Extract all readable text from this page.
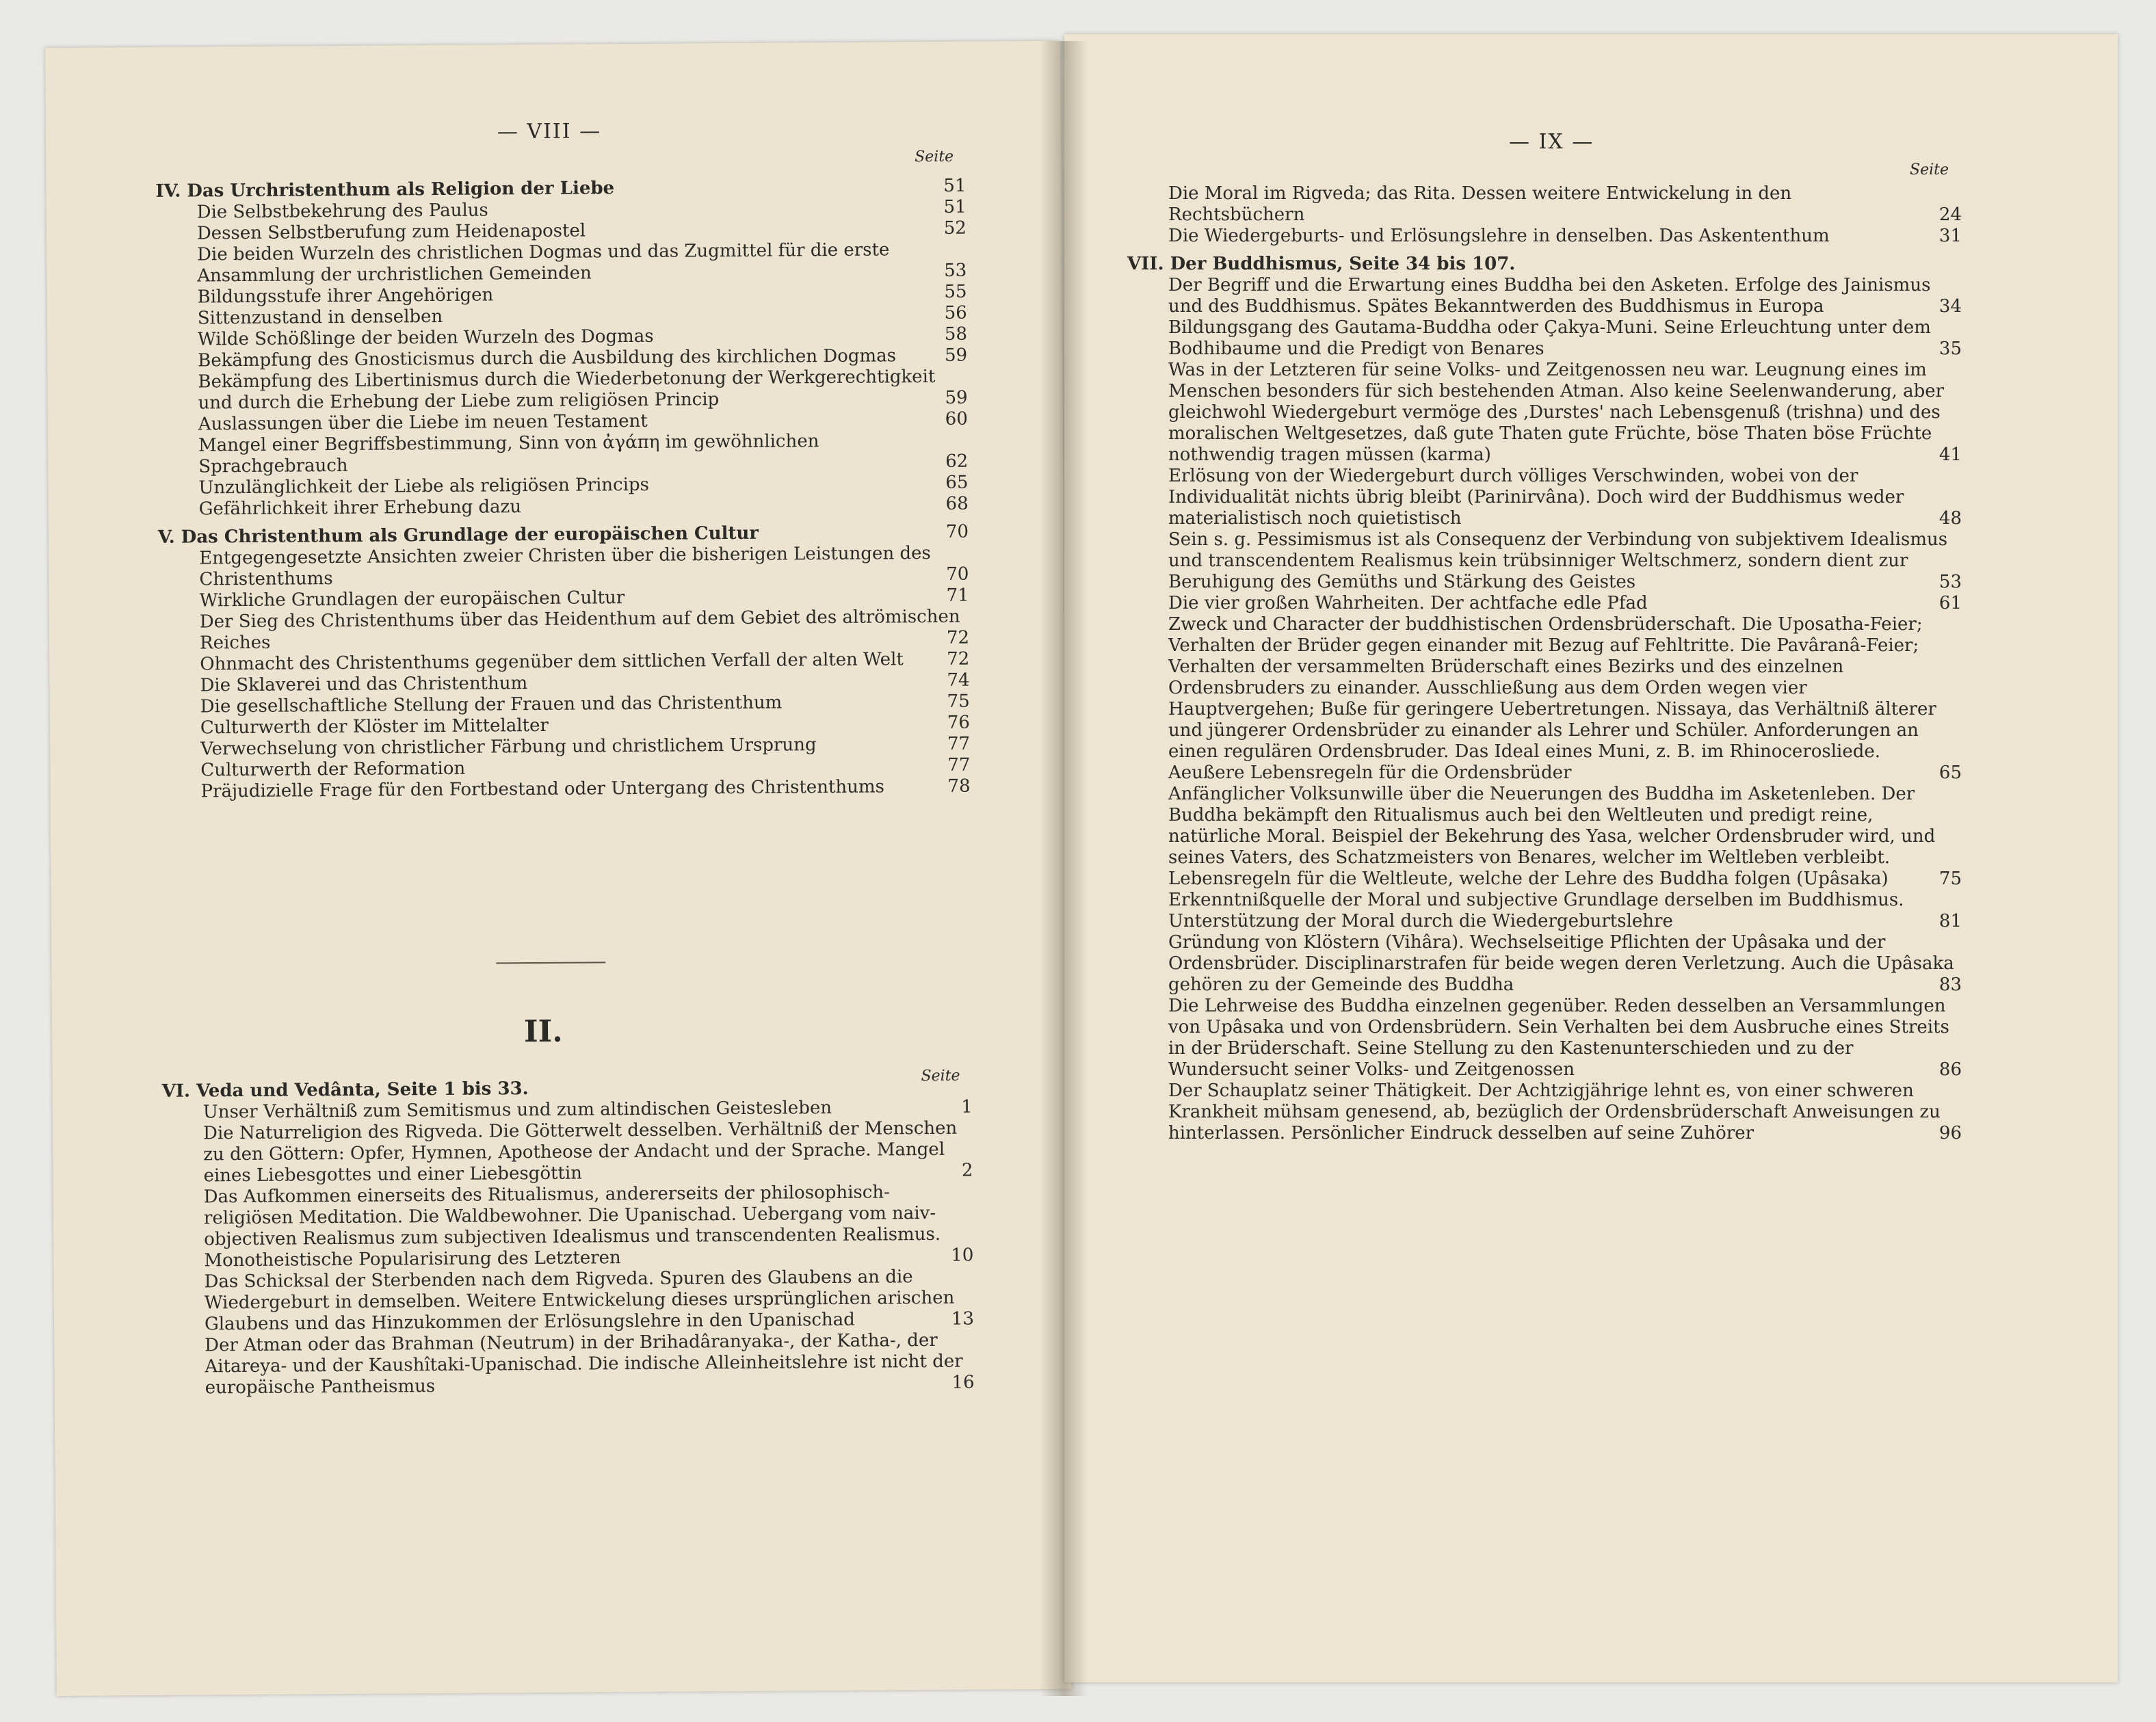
— VIII —
Seite
IV. Das Urchristenthum als Religion der Liebe	51
Die Selbstbekehrung des Paulus	51
Dessen Selbstberufung zum Heidenapostel	52
Die beiden Wurzeln des christlichen Dogmas und das Zugmittel für die erste Ansammlung der urchristlichen Gemeinden	53
Bildungsstufe ihrer Angehörigen	55
Sittenzustand in denselben	56
Wilde Schößlinge der beiden Wurzeln des Dogmas	58
Bekämpfung des Gnosticismus durch die Ausbildung des kirchlichen Dogmas	59
Bekämpfung des Libertinismus durch die Wiederbetonung der Werkgerechtigkeit und durch die Erhebung der Liebe zum religiösen Princip	59
Auslassungen über die Liebe im neuen Testament	60
Mangel einer Begriffsbestimmung, Sinn von ἀγάπη im gewöhnlichen Sprachgebrauch	62
Unzulänglichkeit der Liebe als religiösen Princips	65
Gefährlichkeit ihrer Erhebung dazu	68
V. Das Christenthum als Grundlage der europäischen Cultur	70
Entgegengesetzte Ansichten zweier Christen über die bisherigen Leistungen des Christenthums	70
Wirkliche Grundlagen der europäischen Cultur	71
Der Sieg des Christenthums über das Heidenthum auf dem Gebiet des altrömischen Reiches	72
Ohnmacht des Christenthums gegenüber dem sittlichen Verfall der alten Welt	72
Die Sklaverei und das Christenthum	74
Die gesellschaftliche Stellung der Frauen und das Christenthum	75
Culturwerth der Klöster im Mittelalter	76
Verwechselung von christlicher Färbung und christlichem Ursprung	77
Culturwerth der Reformation	77
Präjudizielle Frage für den Fortbestand oder Untergang des Christenthums	78
II.
Seite
VI. Veda und Vedânta, Seite 1 bis 33.
Unser Verhältniß zum Semitismus und zum altindischen Geistesleben	1
Die Naturreligion des Rigveda. Die Götterwelt desselben. Verhältniß der Menschen zu den Göttern: Opfer, Hymnen, Apotheose der Andacht und der Sprache. Mangel eines Liebesgottes und einer Liebesgöttin	2
Das Aufkommen einerseits des Ritualismus, andererseits der philosophisch-religiösen Meditation. Die Waldbewohner. Die Upanischad. Uebergang vom naiv-objectiven Realismus zum subjectiven Idealismus und transcendenten Realismus. Monotheistische Popularisirung des Letzteren	10
Das Schicksal der Sterbenden nach dem Rigveda. Spuren des Glaubens an die Wiedergeburt in demselben. Weitere Entwickelung dieses ursprünglichen arischen Glaubens und das Hinzukommen der Erlösungslehre in den Upanischad	13
Der Atman oder das Brahman (Neutrum) in der Brihadâranyaka-, der Katha-, der Aitareya- und der Kaushîtaki-Upanischad. Die indische Alleinheitslehre ist nicht der europäische Pantheismus	16
— IX —
Seite
Die Moral im Rigveda; das Rita. Dessen weitere Entwickelung in den Rechtsbüchern	24
Die Wiedergeburts- und Erlösungslehre in denselben. Das Askententhum	31
VII. Der Buddhismus, Seite 34 bis 107.
Der Begriff und die Erwartung eines Buddha bei den Asketen. Erfolge des Jainismus und des Buddhismus. Spätes Bekanntwerden des Buddhismus in Europa	34
Bildungsgang des Gautama-Buddha oder Çakya-Muni. Seine Erleuchtung unter dem Bodhibaume und die Predigt von Benares	35
Was in der Letzteren für seine Volks- und Zeitgenossen neu war. Leugnung eines im Menschen besonders für sich bestehenden Atman. Also keine Seelenwanderung, aber gleichwohl Wiedergeburt vermöge des ‚Durstes' nach Lebensgenuß (trishna) und des moralischen Weltgesetzes, daß gute Thaten gute Früchte, böse Thaten böse Früchte nothwendig tragen müssen (karma)	41
Erlösung von der Wiedergeburt durch völliges Verschwinden, wobei von der Individualität nichts übrig bleibt (Parinirvâna). Doch wird der Buddhismus weder materialistisch noch quietistisch	48
Sein s. g. Pessimismus ist als Consequenz der Verbindung von subjektivem Idealismus und transcendentem Realismus kein trübsinniger Weltschmerz, sondern dient zur Beruhigung des Gemüths und Stärkung des Geistes	53
Die vier großen Wahrheiten. Der achtfache edle Pfad	61
Zweck und Character der buddhistischen Ordensbrüderschaft. Die Uposatha-Feier; Verhalten der Brüder gegen einander mit Bezug auf Fehltritte. Die Pavâranâ-Feier; Verhalten der versammelten Brüderschaft eines Bezirks und des einzelnen Ordensbruders zu einander. Ausschließung aus dem Orden wegen vier Hauptvergehen; Buße für geringere Uebertretungen. Nissaya, das Verhältniß älterer und jüngerer Ordensbrüder zu einander als Lehrer und Schüler. Anforderungen an einen regulären Ordensbruder. Das Ideal eines Muni, z. B. im Rhinocerosliede. Aeußere Lebensregeln für die Ordensbrüder	65
Anfänglicher Volksunwille über die Neuerungen des Buddha im Asketenleben. Der Buddha bekämpft den Ritualismus auch bei den Weltleuten und predigt reine, natürliche Moral. Beispiel der Bekehrung des Yasa, welcher Ordensbruder wird, und seines Vaters, des Schatzmeisters von Benares, welcher im Weltleben verbleibt. Lebensregeln für die Weltleute, welche der Lehre des Buddha folgen (Upâsaka)	75
Erkenntnißquelle der Moral und subjective Grundlage derselben im Buddhismus. Unterstützung der Moral durch die Wiedergeburtslehre	81
Gründung von Klöstern (Vihâra). Wechselseitige Pflichten der Upâsaka und der Ordensbrüder. Disciplinarstrafen für beide wegen deren Verletzung. Auch die Upâsaka gehören zu der Gemeinde des Buddha	83
Die Lehrweise des Buddha einzelnen gegenüber. Reden desselben an Versammlungen von Upâsaka und von Ordensbrüdern. Sein Verhalten bei dem Ausbruche eines Streits in der Brüderschaft. Seine Stellung zu den Kastenunterschieden und zu der Wundersucht seiner Volks- und Zeitgenossen	86
Der Schauplatz seiner Thätigkeit. Der Achtzigjährige lehnt es, von einer schweren Krankheit mühsam genesend, ab, bezüglich der Ordensbrüderschaft Anweisungen zu hinterlassen. Persönlicher Eindruck desselben auf seine Zuhörer	96
